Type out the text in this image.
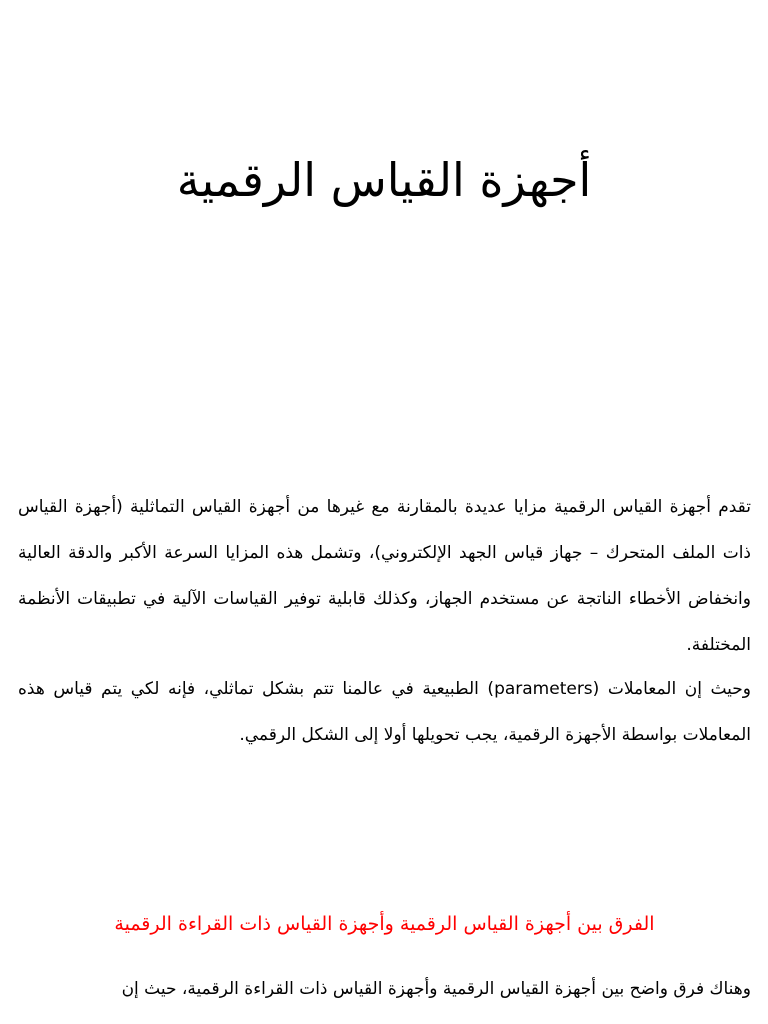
أجهزة القياس الرقمية

تقدم أجهزة القياس الرقمية مزايا عديدة بالمقارنة مع غيرها من أجهزة القياس التماثلية (أجهزة القياس ذات الملف المتحرك – جهاز قياس الجهد الإلكتروني)، وتشمل هذه المزايا السرعة الأكبر والدقة العالية وانخفاض الأخطاء الناتجة عن مستخدم الجهاز، وكذلك قابلية توفير القياسات الآلية في تطبيقات الأنظمة المختلفة.

وحيث إن المعاملات (parameters) الطبيعية في عالمنا تتم بشكل تماثلي، فإنه لكي يتم قياس هذه المعاملات بواسطة الأجهزة الرقمية، يجب تحويلها أولا إلى الشكل الرقمي.

الفرق بين أجهزة القياس الرقمية وأجهزة القياس ذات القراءة الرقمية

وهناك فرق واضح بين أجهزة القياس الرقمية وأجهزة القياس ذات القراءة الرقمية، حيث إن
